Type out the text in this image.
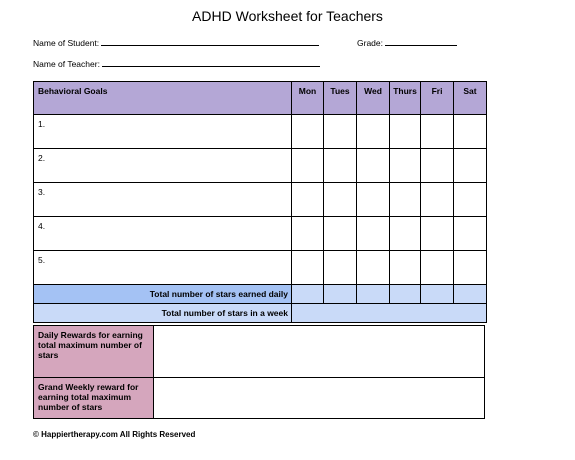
ADHD Worksheet for Teachers
Name of Student:	Grade:
Name of Teacher:
Behavioral Goals	Mon	Tues	Wed	Thurs	Fri	Sat
1.						
2.						
3.						
4.						
5.						
Total number of stars earned daily						
Total number of stars in a week						
Daily Rewards for earning total maximum number of stars	
Grand Weekly reward for earning total maximum number of stars	
© Happiertherapy.com All Rights Reserved
